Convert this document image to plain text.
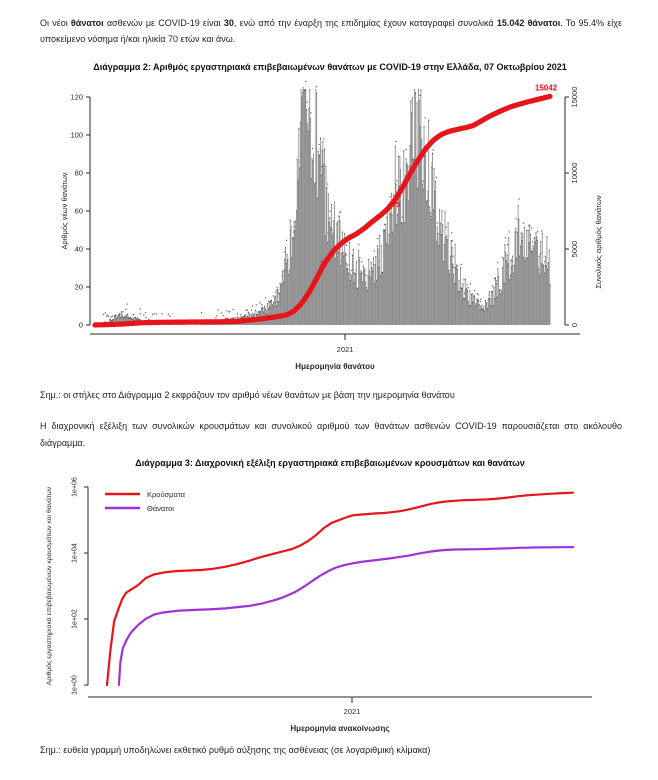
Οι νέοι θάνατοι ασθενών με COVID-19 είναι 30, ενώ από την έναρξη της επιδημίας έχουν καταγραφεί συνολικά 15.042 θάνατοι. Το 95.4% είχε υποκείμενο νόσημα ή/και ηλικία 70 ετών και άνω.

Διάγραμμα 2: Αριθμός εργαστηριακά επιβεβαιωμένων θανάτων με COVID-19 στην Ελλάδα, 07 Οκτωβρίου 2021
0
20
40
60
80
100
120
Αριθμός νέων θανάτων
0
5000
10000
15000
Συνολικός αριθμός θανάτων
2021
Ημερομηνία θανάτου
37
75
15042
Σημ.: οι στήλες στο Διάγραμμα 2 εκφράζουν τον αριθμό νέων θανάτων με βάση την ημερομηνία θανάτου

Η διαχρονική εξέλιξη των συνολικών κρουσμάτων και συνολικού αριθμού των θανάτων ασθενών COVID-19 παρουσιάζεται στο ακόλουθο διάγραμμα.

Διάγραμμα 3: Διαχρονική εξέλιξη εργαστηριακά επιβεβαιωμένων κρουσμάτων και θανάτων
1e+00
1e+02
1e+04
1e+06
Αριθμός εργαστηριακά επιβεβαιωμένων κρουσμάτων και θανάτων
2021
Ημερομηνία ανακοίνωσης
Κρούσματα
Θάνατοι
Σημ.: ευθεία γραμμή υποδηλώνει εκθετικό ρυθμό αύξησης της ασθένειας (σε λογαριθμική κλίμακα)
